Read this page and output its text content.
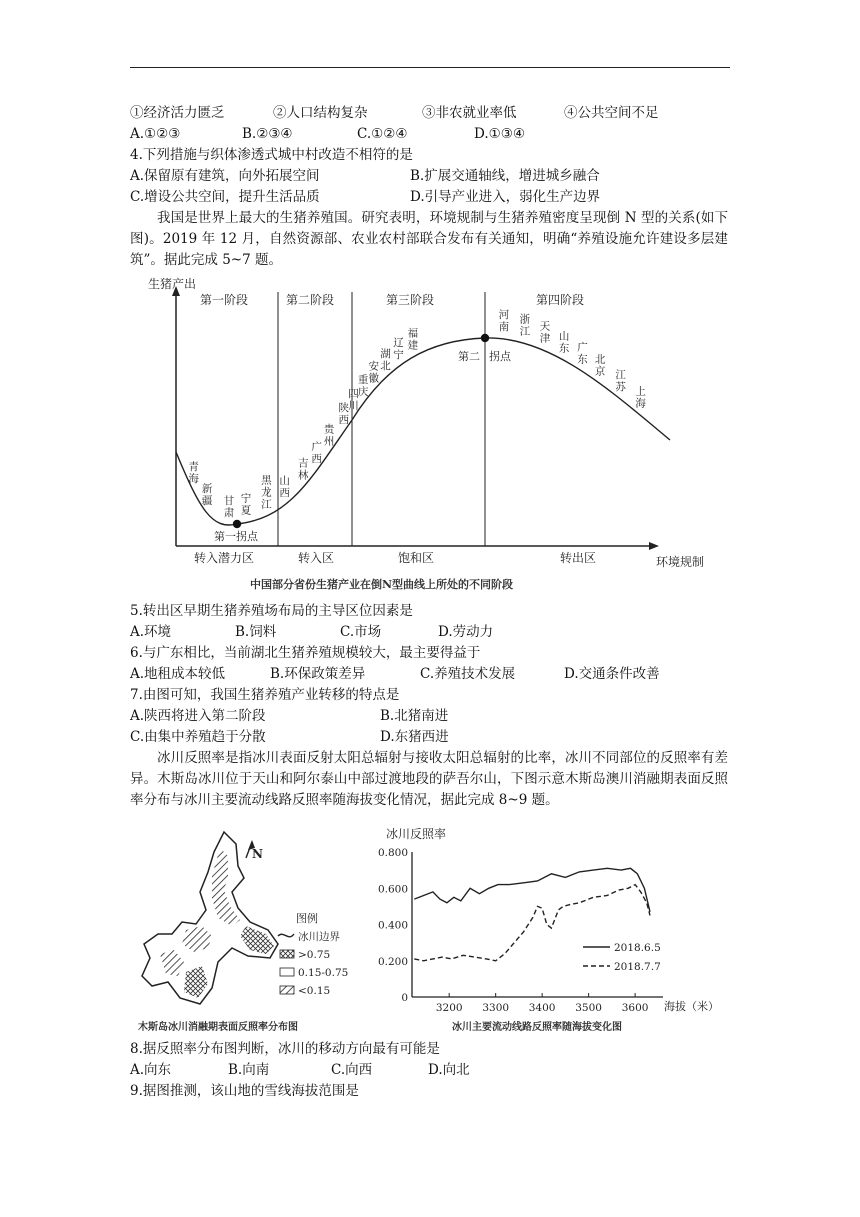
①经济活力匮乏	②人口结构复杂	③非农就业率低	④公共空间不足
A.①②③	B.②③④	C.①②④	D.①③④
4.下列措施与织体渗透式城中村改造不相符的是
A.保留原有建筑，向外拓展空间	B.扩展交通轴线，增进城乡融合
C.增设公共空间，提升生活品质	D.引导产业进入，弱化生产边界
我国是世界上最大的生猪养殖国。研究表明，环境规制与生猪养殖密度呈现倒 N 型的关系(如下图)。2019 年 12 月，自然资源部、农业农村部联合发布有关通知，明确“养殖设施允许建设多层建筑”。据此完成 5~7 题。
生猪产出
环境规制
第一阶段	第二阶段	第三阶段	第四阶段
转入潜力区	转入区	饱和区	转出区
第一拐点
第二 拐点
青
海
新
疆 甘
肃
宁
夏
黑
龙
江
山
西
吉
林
广
西
贵
州
陕
西
四
川
重
庆
安
徽
湖
北
辽
宁
福
建
河
南
浙
江 天
津 山
东 广
东 北
京 江
苏 上
海
中国部分省份生猪产业在倒N型曲线上所处的不同阶段
5.转出区早期生猪养殖场布局的主导区位因素是
A.环境	B.饲料	C.市场	D.劳动力
6.与广东相比，当前湖北生猪养殖规模较大，最主要得益于
A.地租成本较低	B.环保政策差异	C.养殖技术发展	D.交通条件改善
7.由图可知，我国生猪养殖产业转移的特点是
A.陕西将进入第二阶段	B.北猪南进
C.由集中养殖趋于分散	D.东猪西进
冰川反照率是指冰川表面反射太阳总辐射与接收太阳总辐射的比率，冰川不同部位的反照率有差异。木斯岛冰川位于天山和阿尔泰山中部过渡地段的萨吾尔山，下图示意木斯岛澳川消融期表面反照率分布与冰川主要流动线路反照率随海拔变化情况，据此完成 8~9 题。
N
图例
冰川边界
>0.75
0.15-0.75
<0.15
木斯岛冰川消融期表面反照率分布图
冰川反照率
0
0.200
0.400
0.600
0.800
3200 3300 3400 3500 3600
2018.6.5
2018.7.7
海拔（米）
冰川主要流动线路反照率随海拔变化图
8.据反照率分布图判断，冰川的移动方向最有可能是
A.向东	B.向南	C.向西	D.向北
9.据图推测，该山地的雪线海拔范围是
